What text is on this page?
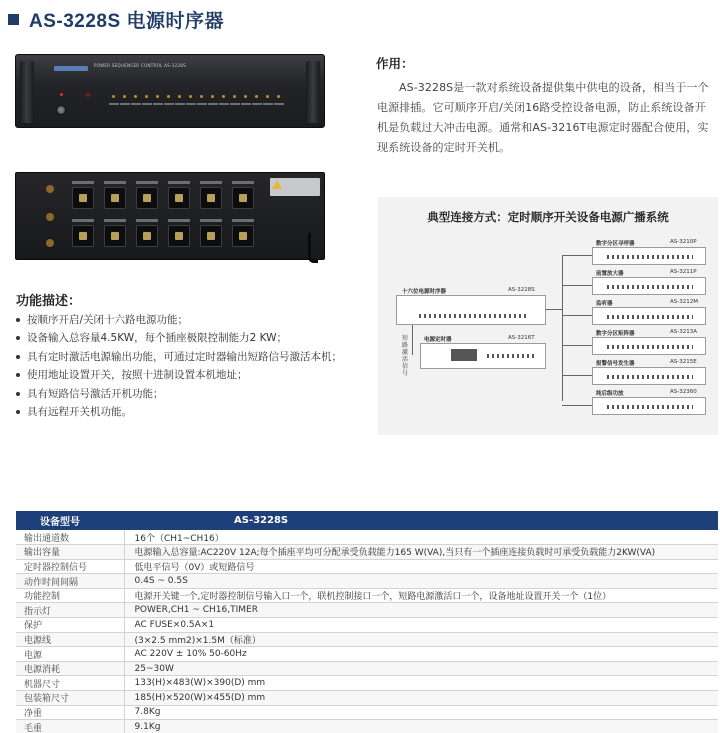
AS-3228S 电源时序器
POWER SEQUENCER CONTROL AS-3228S	作用：
AS-3228S是一款对系统设备提供集中供电的设备，相当于一个电源排插。它可顺序开启/关闭16路受控设备电源，防止系统设备开机是负载过大冲击电源。通常和AS-3216T电源定时器配合使用，实现系统设备的定时开关机。
典型连接方式：定时顺序开关设备电源广播系统
十六位电源时序器	AS-3228S
短路激活信号
电源定时器	AS-3216T
数字分区寻呼器	AS-3210P
前置放大器	AS-3211P
监听器	AS-3212M
数字分区矩阵器	AS-3213A
报警信号发生器	AS-3215E
纯后级功放	AS-32360
功能描述：
按顺序开启/关闭十六路电源功能；
设备输入总容量4.5KW，每个插座极限控制能力2 KW；
具有定时激活电源输出功能，可通过定时器输出短路信号激活本机；
使用地址设置开关，按照十进制设置本机地址；
具有短路信号激活开机功能；
具有远程开关机功能。
设备型号	AS-3228S
输出通道数	16个（CH1~CH16）
输出容量	电源输入总容量:AC220V 12A;每个插座平均可分配承受负载能力165 W(VA),当只有一个插座连接负载时可承受负载能力2KW(VA)
定时器控制信号	低电平信号（0V）或短路信号
动作时间间隔	0.4S ~ 0.5S
功能控制	电源开关键一个,定时器控制信号输入口一个，联机控制接口一个，短路电源激活口一个，设备地址设置开关一个（1位）
指示灯	POWER,CH1 ~ CH16,TIMER
保护	AC FUSE×0.5A×1
电源线	(3×2.5 mm2)×1.5M（标准）
电源	AC 220V ± 10% 50-60Hz
电源消耗	25~30W
机器尺寸	133(H)×483(W)×390(D) mm
包装箱尺寸	185(H)×520(W)×455(D) mm
净重	7.8Kg
毛重	9.1Kg
